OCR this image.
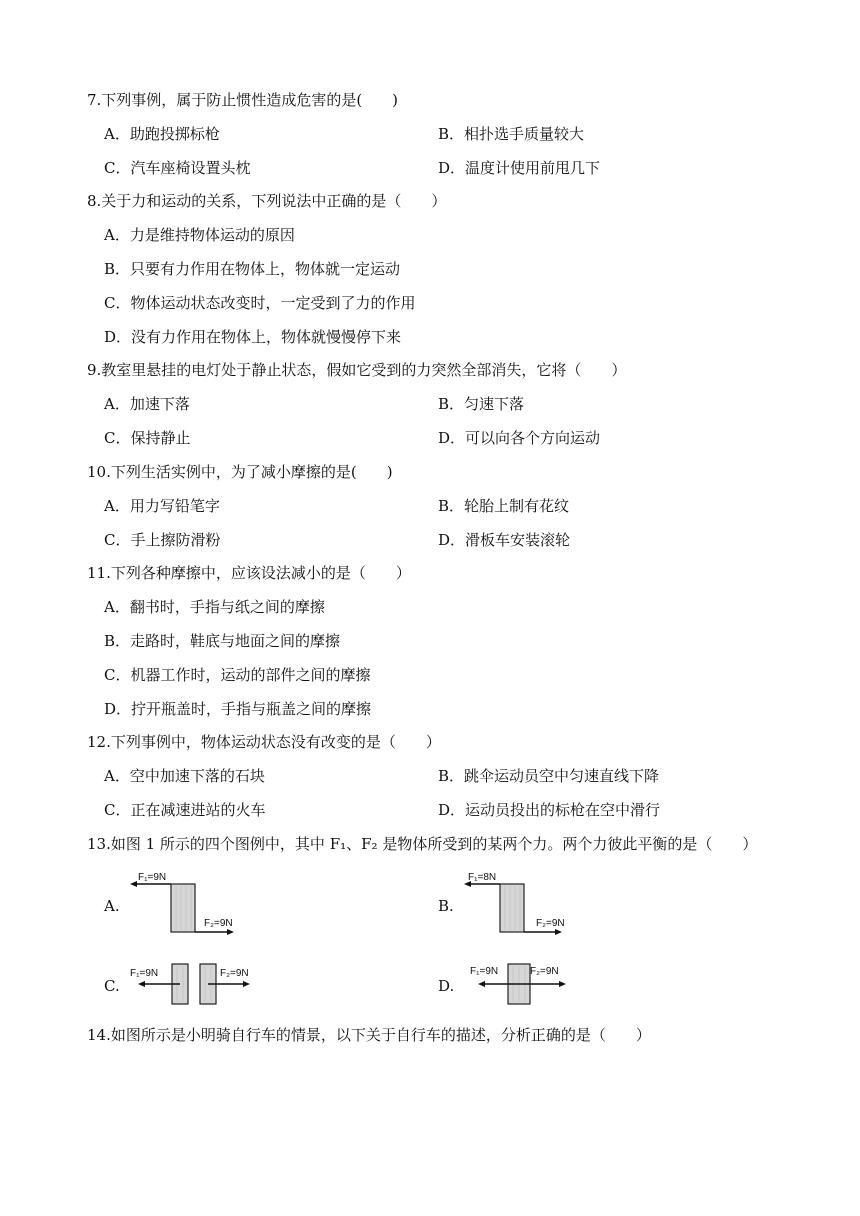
7.下列事例，属于防止惯性造成危害的是(　　)
A．助跑投掷标枪	B．相扑选手质量较大
C．汽车座椅设置头枕	D．温度计使用前甩几下
8.关于力和运动的关系，下列说法中正确的是（　　）
A．力是维持物体运动的原因
B．只要有力作用在物体上，物体就一定运动
C．物体运动状态改变时，一定受到了力的作用
D．没有力作用在物体上，物体就慢慢停下来
9.教室里悬挂的电灯处于静止状态，假如它受到的力突然全部消失，它将（　　）
A．加速下落	B．匀速下落
C．保持静止	D．可以向各个方向运动
10.下列生活实例中，为了减小摩擦的是(　　)
A．用力写铅笔字	B．轮胎上制有花纹
C．手上擦防滑粉	D．滑板车安装滚轮
11.下列各种摩擦中，应该设法减小的是（　　）
A．翻书时，手指与纸之间的摩擦
B．走路时，鞋底与地面之间的摩擦
C．机器工作时，运动的部件之间的摩擦
D．拧开瓶盖时，手指与瓶盖之间的摩擦
12.下列事例中，物体运动状态没有改变的是（　　）
A．空中加速下落的石块	B．跳伞运动员空中匀速直线下降
C．正在减速进站的火车	D．运动员投出的标枪在空中滑行
13.如图 1 所示的四个图例中，其中 F₁、F₂ 是物体所受到的某两个力。两个力彼此平衡的是（　　）
A.
F₁=9N
F₂=9N
B.
F₁=8N
F₂=9N
C.
F₁=9N	F₂=9N
D.
F₁=9N	F₂=9N
14.如图所示是小明骑自行车的情景，以下关于自行车的描述，分析正确的是（　　）
